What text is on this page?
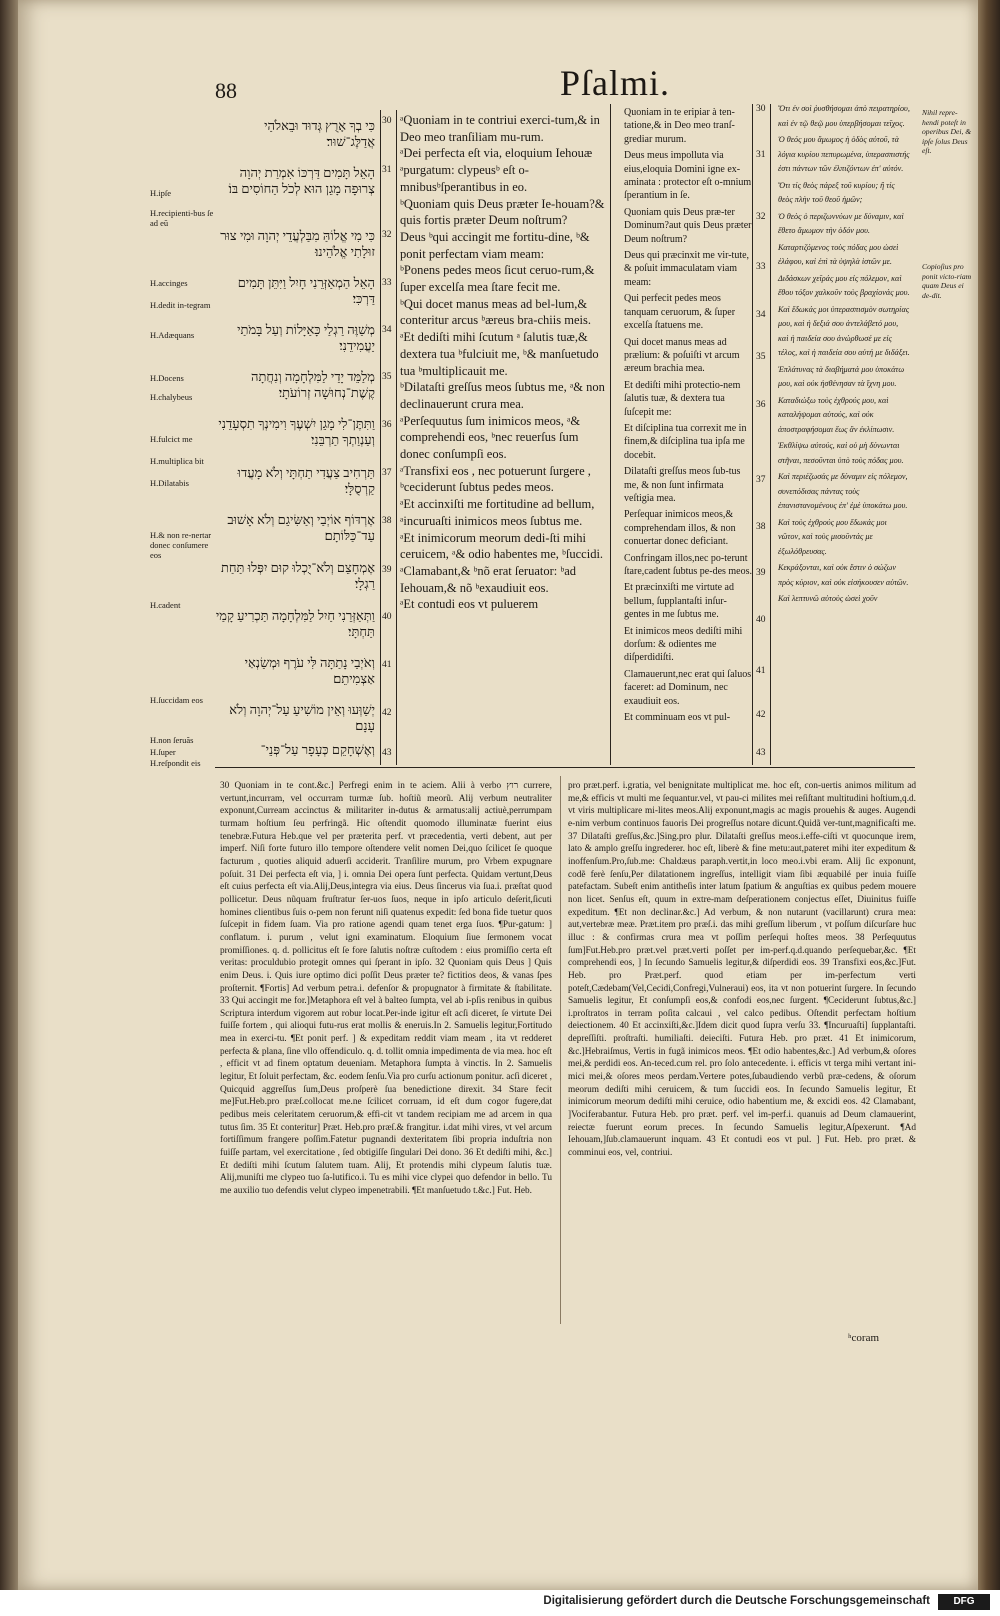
88	Pſalmi.
כִּי בְךָ אָרֻץ גְּדוּד וּבֵאלֹהַי אֲדַלֶּג־שׁוּר׃
הָאֵל תָּמִים דַּרְכּוֹ אִמְרַת יְהוָה צְרוּפָה מָגֵן הוּא לְכֹל הַחוֹסִים בּוֹ׃
כִּי מִי אֱלוֹהַּ מִבַּלְעֲדֵי יְהוָה וּמִי צוּר זוּלָתִי אֱלֹהֵינוּ׃
הָאֵל הַמְאַזְּרֵנִי חָיִל וַיִּתֵּן תָּמִים דַּרְכִּי׃
מְשַׁוֶּה רַגְלַי כָּאַיָּלוֹת וְעַל בָּמֹתַי יַעֲמִידֵנִי׃
מְלַמֵּד יָדַי לַמִּלְחָמָה וְנִחֲתָה קֶשֶׁת־נְחוּשָׁה זְרוֹעֹתָי׃
וַתִּתֶּן־לִי מָגֵן יִשְׁעֶךָ וִימִינְךָ תִסְעָדֵנִי וְעַנְוַתְךָ תַרְבֵּנִי׃
תַּרְחִיב צַעֲדִי תַחְתָּי וְלֹא מָעֲדוּ קַרְסֻלָּי׃
אֶרְדּוֹף אוֹיְבַי וְאַשִּׂיגֵם וְלֹא אָשׁוּב עַד־כַּלּוֹתָם׃
אֶמְחָצֵם וְלֹא־יֻכְלוּ קוּם יִפְּלוּ תַּחַת רַגְלָי׃
וַתְּאַזְּרֵנִי חַיִל לַמִּלְחָמָה תַּכְרִיעַ קָמַי תַּחְתָּי׃
וְאֹיְבַי נָתַתָּה לִּי עֹרֶף וּמְשַׂנְאַי אַצְמִיתֵם׃
יְשַׁוְּעוּ וְאֵין מוֹשִׁיעַ עַל־יְהוָה וְלֹא עָנָם׃
וְאֶשְׁחָקֵם כְּעָפָר עַל־פְּנֵי־
H.ipſe
H.recipienti-bus ſe ad eũ
H.accinges
H.dedit in-tegram
H.Adæquans
H.Docens
H.chalybeus
H.fulcict me
H.multiplica bit
H.Dilatabis
H.& non re-nertar donec conſumere eos
H.cadent
H.ſuccidam eos
H.non ſeruãs
H.ſuper
H.reſpondit eis
30
31
32
33
34
35
36
37
38
39
40
41
42
43
ᵃQuoniam in te contriui exerci-tum,& in Deo meo tranſiliam mu-rum.
ᵃDei perfecta eſt via, eloquium Iehouæ ᵃpurgatum: clypeusᵇ eſt o-mnibusᵇſperantibus in eo.
ᵇQuoniam quis Deus præter Ie-houam?& quis fortis præter Deum noſtrum?
Deus ᵇqui accingit me fortitu-dine, ᵇ& ponit perfectam viam meam:
ᵇPonens pedes meos ſicut ceruo-rum,& ſuper excelſa mea ſtare fecit me.
ᵇQui docet manus meas ad bel-lum,& conteritur arcus ᵇæreus bra-chiis meis.
ᵃEt dediſti mihi ſcutum ᵃ ſalutis tuæ,& dextera tua ᵇfulciuit me, ᵇ& manſuetudo tua ᵇmultiplicauit me.
ᵇDilataſti greſſus meos ſubtus me, ᵃ& non declinauerunt crura mea.
ᵃPerſequutus ſum inimicos meos, ᵃ& comprehendi eos, ᵇnec reuerſus ſum donec conſumpſi eos.
ᵃTransfixi eos , nec potuerunt ſurgere , ᵇceciderunt ſubtus pedes meos.
ᵃEt accinxiſti me fortitudine ad bellum, ᵃincuruaſti inimicos meos ſubtus me.
ᵃEt inimicorum meorum dedi-ſti mihi ceruicem, ᵃ& odio habentes me, ᵇſuccidi.
ᵃClamabant,& ᵇnõ erat ſeruator: ᵇad Iehouam,& nõ ᵇexaudiuit eos.
ᵃEt contudi eos vt puluerem
Quoniam in te eripiar à ten-tatione,& in Deo meo tranſ-grediar murum.
Deus meus impolluta via eius,eloquia Domini igne ex-aminata : protector eſt o-mnium ſperantium in ſe.
Quoniam quis Deus præ-ter Dominum?aut quis Deus præter Deum noſtrum?
Deus qui præcinxit me vir-tute, & poſuit immaculatam viam meam:
Qui perfecit pedes meos tanquam ceruorum, & ſuper excelſa ſtatuens me.
Qui docet manus meas ad prælium: & poſuiſti vt arcum æreum brachia mea.
Et dediſti mihi protectio-nem ſalutis tuæ, & dextera tua ſuſcepit me:
Et diſciplina tua correxit me in finem,& diſciplina tua ipſa me docebit.
Dilataſti greſſus meos ſub-tus me, & non ſunt infirmata veſtigia mea.
Perſequar inimicos meos,& comprehendam illos, & non conuertar donec deficiant.
Confringam illos,nec po-terunt ſtare,cadent ſubtus pe-des meos.
Et præcinxiſti me virtute ad bellum, ſupplantaſti inſur-gentes in me ſubtus me.
Et inimicos meos dediſti mihi dorſum: & odientes me diſperdidiſti.
Clamauerunt,nec erat qui ſaluos faceret: ad Dominum, nec exaudiuit eos.
Et comminuam eos vt pul-
30
31
32
33
34
35
36
37
38
39
40
41
42
43
Ὅτι ἐν σοὶ ῥυσθήσομαι ἀπὸ πειρατηρίου, καὶ ἐν τῷ θεῷ μου ὑπερβήσομαι τεῖχος.
Ὁ θεός μου ἄμωμος ἡ ὁδὸς αὐτοῦ, τὰ λόγια κυρίου πεπυρωμένα, ὑπερασπιστής ἐστι πάντων τῶν ἐλπιζόντων ἐπ' αὐτόν.
Ὅτι τίς θεὸς πάρεξ τοῦ κυρίου; ἢ τίς θεὸς πλὴν τοῦ θεοῦ ἡμῶν;
Ὁ θεὸς ὁ περιζωννύων με δύναμιν, καὶ ἔθετο ἄμωμον τὴν ὁδόν μου.
Καταρτιζόμενος τοὺς πόδας μου ὡσεὶ ἐλάφου, καὶ ἐπὶ τὰ ὑψηλὰ ἱστῶν με.
Διδάσκων χεῖράς μου εἰς πόλεμον, καὶ ἔθου τόξον χαλκοῦν τοὺς βραχίονάς μου.
Καὶ ἔδωκάς μοι ὑπερασπισμὸν σωτηρίας μου, καὶ ἡ δεξιά σου ἀντελάβετό μου, καὶ ἡ παιδεία σου ἀνώρθωσέ με εἰς τέλος, καὶ ἡ παιδεία σου αὐτή με διδάξει.
Ἐπλάτυνας τὰ διαβήματά μου ὑποκάτω μου, καὶ οὐκ ἠσθένησαν τὰ ἴχνη μου.
Καταδιώξω τοὺς ἐχθρούς μου, καὶ καταλήψομαι αὐτούς, καὶ οὐκ ἀποστραφήσομαι ἕως ἂν ἐκλίπωσιν.
Ἐκθλίψω αὐτούς, καὶ οὐ μὴ δύνωνται στῆναι, πεσοῦνται ὑπὸ τοὺς πόδας μου.
Καὶ περιέζωσάς με δύναμιν εἰς πόλεμον, συνεπόδισας πάντας τοὺς ἐπανιστανομένους ἐπ' ἐμὲ ὑποκάτω μου.
Καὶ τοὺς ἐχθρούς μου ἔδωκάς μοι νῶτον, καὶ τοὺς μισοῦντάς με ἐξωλόθρευσας.
Κεκράξονται, καὶ οὐκ ἔστιν ὁ σώζων πρὸς κύριον, καὶ οὐκ εἰσήκουσεν αὐτῶν.
Καὶ λεπτυνῶ αὐτοὺς ὡσεὶ χοῦν
Nihil repre-hendi poteſt in operibus Dei, & ipſe ſolus Deus eſt.
Copioſius pro ponit victo-riam quam Deus ei de-dit.
30 Quoniam in te cont.&c.] Perfregi enim in te aciem. Alii à verbo רוץ currere, vertunt,incurram, vel occurram turmæ ſub. hoſtiũ meorũ. Alij verbum neutraliter exponunt,Curream accinctus & militariter in-dutus & armatus:alij actiuè,perrumpam turmam hoſtium ſeu perfringã. Hic oſtendit quomodo illuminatæ fuerint eius tenebræ.Futura Heb.que vel per præterita perf. vt præcedentia, verti debent, aut per imperf. Niſi forte futuro illo tempore oſtendere velit nomen Dei,quo ſcilicet ſe quoque facturum , quoties aliquid aduerſi acciderit. Tranſilire murum, pro Vrbem expugnare poſuit. 31 Dei perfecta eſt via, ] i. omnia Dei opera ſunt perfecta. Quidam vertunt,Deus eſt cuius perfecta eſt via.Alij,Deus,integra via eius. Deus ſincerus via ſua.i. præſtat quod pollicetur. Deus nũquam fruſtratur ſer-uos ſuos, neque in ipſo articulo deſerit,ſicuti homines clientibus ſuis o-pem non ferunt niſi quatenus expedit: ſed bona fide tuetur quos ſuſcepit in fidem ſuam. Via pro ratione agendi quam tenet erga ſuos. ¶Pur-gatum: ] conflatum. i. purum , velut igni examinatum. Eloquium ſiue ſermonem vocat promiſſiones. q. d. pollicitus eſt ſe fore ſalutis noſtræ cuſtodem : eius promiſſio certa eſt veritas: proculdubio protegit omnes qui ſperant in ipſo. 32 Quoniam quis Deus ] Quis enim Deus. i. Quis iure optimo dici poſſit Deus præter te? fictitios deos, & vanas ſpes proſternit. ¶Fortis] Ad verbum petra.i. defenſor & propugnator à firmitate & ſtabilitate. 33 Qui accingit me for.]Metaphora eſt vel à balteo ſumpta, vel ab i-pſis renibus in quibus Scriptura interdum vigorem aut robur locat.Per-inde igitur eſt acſi diceret, ſe virtute Dei fuiſſe fortem , qui alioqui futu-rus erat mollis & eneruis.In 2. Samuelis legitur,Fortitudo mea in exerci-tu. ¶Et ponit perf. ] & expeditam reddit viam meam , ita vt redderet perfecta & plana, ſine vllo offendiculo. q. d. tollit omnia impedimenta de via mea. hoc eſt , efficit vt ad finem optatum deueniam. Metaphora ſumpta à vinctis. In 2. Samuelis legitur, Et ſoluit perfectam, &c. eodem ſenſu.Via pro curſu actionum ponitur. acſi diceret , Quicquid aggreſſus ſum,Deus proſperè ſua benedictione direxit. 34 Stare fecit me]Fut.Heb.pro præſ.collocat me.ne ſcilicet corruam, id eſt dum cogor fugere,dat pedibus meis celeritatem ceruorum,& effi-cit vt tandem recipiam me ad arcem in qua tutus ſim. 35 Et conteritur] Præt. Heb.pro præſ.& frangitur. i.dat mihi vires, vt vel arcum fortiſſimum frangere poſſim.Fatetur pugnandi dexteritatem ſibi propria induſtria non fuiſſe partam, vel exercitatione , ſed obtigiſſe ſingulari Dei dono. 36 Et dediſti mihi, &c.] Et dediſti mihi ſcutum ſalutem tuam. Alij, Et protendis mihi clypeum ſalutis tuæ. Alij,muniſti me clypeo tuo ſa-lutifico.i. Tu es mihi vice clypei quo defendor in bello. Tu me auxilio tuo defendis velut clypeo impenetrabili. ¶Et manſuetudo t.&c.] Fut. Heb.
pro præt.perf. i.gratia, vel benignitate multiplicat me. hoc eſt, con-uertis animos militum ad me,& efficis vt multi me ſequantur.vel, vt pau-ci milites mei reſiſtant multitudini hoſtium,q.d. vt viris multiplicare mi-lites meos.Alij exponunt,magis ac magis prouehis & auges. Augendi e-nim verbum continuos fauoris Dei progreſſus notare dicunt.Quidã ver-tunt,magnificaſti me. 37 Dilataſti greſſus,&c.]Sing.pro plur. Dilataſti greſſus meos.i.effe-ciſti vt quocunque irem, lato & amplo greſſu ingrederer. hoc eſt, liberè & fine metu:aut,pateret mihi iter expeditum & inoffenſum.Pro,ſub.me: Chaldæus paraph.vertit,in loco meo.i.vbi eram. Alij ſic exponunt, codẽ ferè ſenſu,Per dilatationem ingreſſus, intelligit viam ſibi æquabilé per inuia fuiſſe patefactam. Subeſt enim antitheſis inter latum ſpatium & anguſtias ex quibus pedem mouere non licet. Senſus eſt, quum in extre-mam deſperationem conjectus eſſet, Diuinitus fuiſſe expeditum. ¶Et non declinar.&c.] Ad verbum, & non nutarunt (vacillarunt) crura mea: aut,vertebræ meæ. Præt.item pro præſ.i. das mihi greſſum liberum , vt poſſum diſcurſare huc illuc : & confirmas crura mea vt poſſim perſequi hoſtes meos. 38 Perſequutus ſum]Fut.Heb.pro præt.vel præt.verti poſſet per im-perf.q.d.quando perſequebar,&c. ¶Et comprehendi eos, ] In ſecundo Samuelis legitur,& diſperdidi eos. 39 Transfixi eos,&c.]Fut. Heb. pro Præt.perf. quod etiam per im-perfectum verti poteſt,Cædebam(Vel,Cecidi,Confregi,Vulneraui) eos, ita vt non potuerint ſurgere. In ſecundo Samuelis legitur, Et conſumpſi eos,& confodi eos,nec ſurgent. ¶Ceciderunt ſubtus,&c.] i.proſtratos in terram poſita calcaui , vel calco pedibus. Oſtendit perfectam hoſtium deiectionem. 40 Et accinxiſti,&c.]Idem dicit quod ſupra verſu 33. ¶Incuruaſti] ſupplantaſti. depreſſiſti. proſtraſti. humiliaſti. deieciſti. Futura Heb. pro præt. 41 Et inimicorum, &c.]Hebraiſmus, Vertis in fugã inimicos meos. ¶Et odio habentes,&c.] Ad verbum,& oſores mei,& perdidi eos. An-teced.cum rel. pro ſolo antecedente. i. efficis vt terga mihi vertant ini-mici mei,& oſores meos perdam.Vertere potes,ſubaudiendo verbũ præ-cedens, & oſorum meorum dediſti mihi ceruicem, & tum ſuccidi eos. In ſecundo Samuelis legitur, Et inimicorum meorum dediſti mihi ceruice, odio habentium me, & excidi eos. 42 Clamabant, ]Vociferabantur. Futura Heb. pro præt. perf. vel im-perf.i. quanuis ad Deum clamauerint, reiectæ fuerunt eorum preces. In ſecundo Samuelis legitur,Aſpexerunt. ¶Ad Iehouam,]ſub.clamauerunt inquam. 43 Et contudi eos vt pul. ] Fut. Heb. pro præt. & comminui eos, vel, contriui.
ʰcoram
Digitalisierung gefördert durch die Deutsche Forschungsgemeinschaft	DFG
